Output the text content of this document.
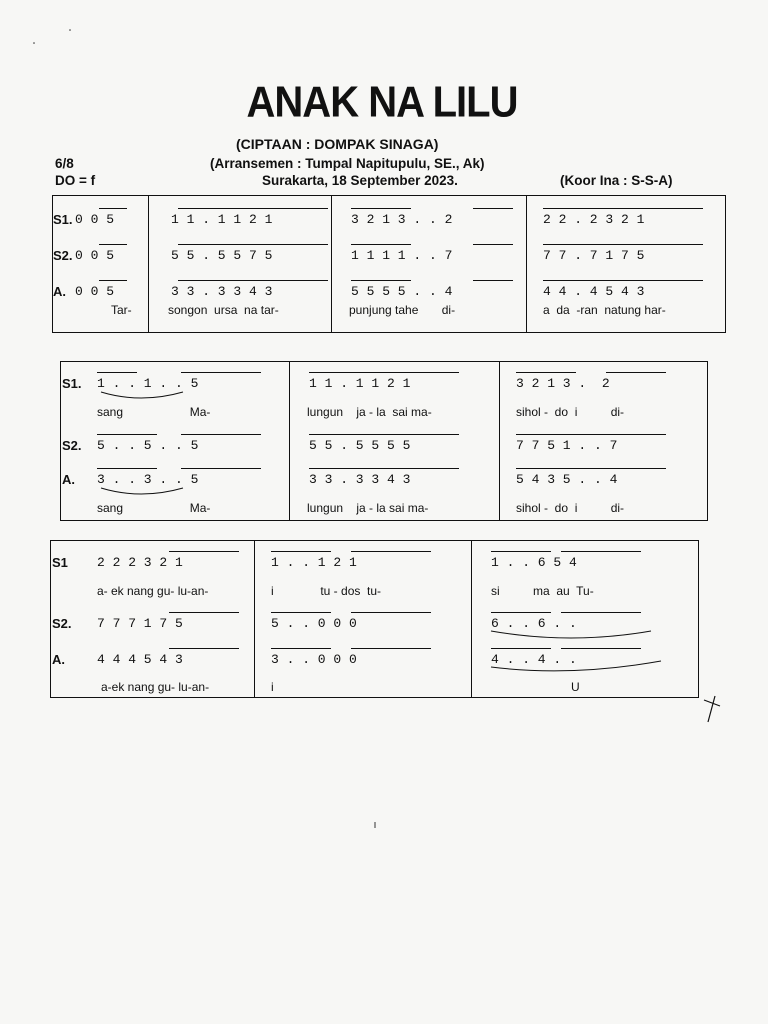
ANAK NA LILU
(CIPTAAN : DOMPAK SINAGA)
6/8	(Arransemen : Tumpal Napitupulu, SE., Ak)
DO = f	Surakarta, 18 September 2023.	(Koor Ina : S-S-A)
S1.
S2.
A.
0 0 5	1 1 . 1 1 2 1	3 2 1 3 . . 2	2 2 . 2 3 2 1
0 0 5	5 5 . 5 5 7 5	1 1 1 1 . . 7	7 7 . 7 1 7 5
0 0 5	3 3 . 3 3 4 3	5 5 5 5 . . 4	4 4 . 4 5 4 3
Tar-	songon  ursa  na tar-	punjung tahe       di-	a  da  -ran  natung har-
S1.
S2.
A.
1 . . 1 . . 5	1 1 . 1 1 2 1	3 2 1 3 .  2
sang                    Ma-	lungun    ja - la  sai ma-	sihol -  do  i          di-
5 . . 5 . . 5	5 5 . 5 5 5 5	7 7 5 1 . . 7
3 . . 3 . . 5	3 3 . 3 3 4 3	5 4 3 5 . . 4
sang                    Ma-	lungun    ja - la sai ma-	sihol -  do  i          di-
S1
S2.
A.
2 2 2 3 2 1	1 . . 1 2 1	1 . . 6 5 4
a- ek nang gu- lu-an-	i              tu - dos  tu-	si          ma  au  Tu-
7 7 7 1 7 5	5 . . 0 0 0	6 . . 6 . .
4 4 4 5 4 3	3 . . 0 0 0	4 . . 4 . .
a-ek nang gu- lu-an-	i	U
